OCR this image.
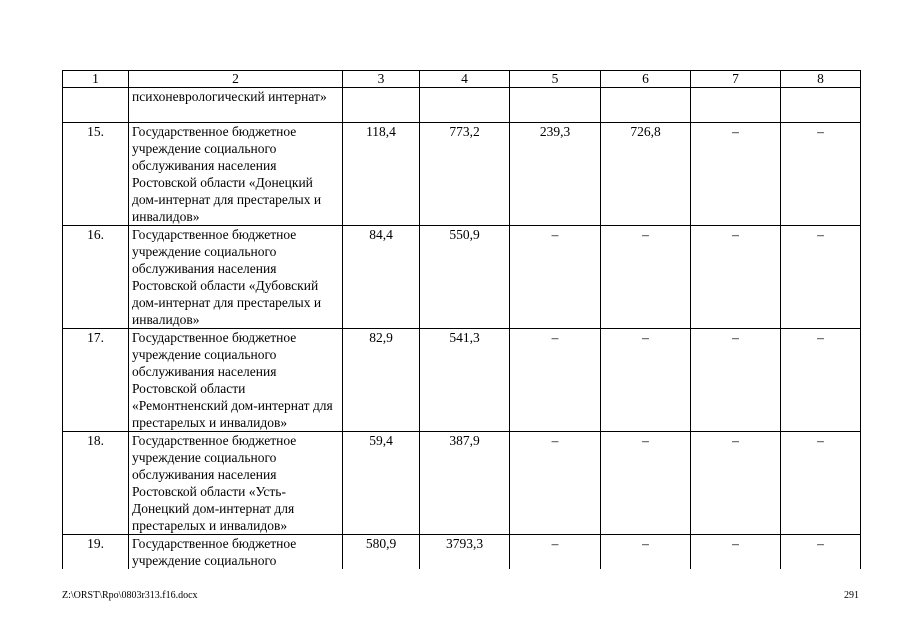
1	2	3	4	5	6	7	8
	психоневрологический интернат»						
15.	Государственное бюджетное учреждение социального обслуживания населения Ростовской области «Донецкий дом-интернат для престарелых и инвалидов»	118,4	773,2	239,3	726,8	–	–
16.	Государственное бюджетное учреждение социального обслуживания населения Ростовской области «Дубовский дом-интернат для престарелых и инвалидов»	84,4	550,9	–	–	–	–
17.	Государственное бюджетное учреждение социального обслуживания населения Ростовской области «Ремонтненский дом-интернат для престарелых и инвалидов»	82,9	541,3	–	–	–	–
18.	Государственное бюджетное учреждение социального обслуживания населения Ростовской области «Усть-Донецкий дом-интернат для престарелых и инвалидов»	59,4	387,9	–	–	–	–
19.	Государственное бюджетное учреждение социального	580,9	3793,3	–	–	–	–
Z:\ORST\Rpo\0803r313.f16.docx	291
